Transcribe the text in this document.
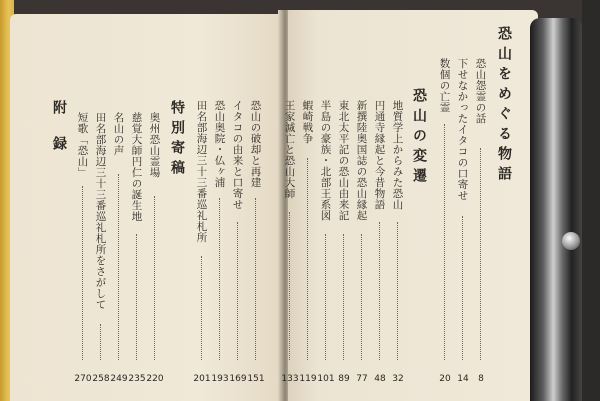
恐山をめぐる物語
恐山怨霊の話
8
下せなかったイタコの口寄せ
14
数個の亡霊
20
恐山の変遷
地質学上からみた恐山
32
円通寺縁起と今昔物語
48
新撰陸奥国誌の恐山縁起
77
東北太平記の恐山由来記
89
半島の豪族・北部王系図
101
蝦崎戦争
119
王家滅亡と恐山大師
133
恐山の破却と再建
151
イタコの由来と口寄せ
169
恐山奥院・仏ヶ浦
193
田名部海辺三十三番巡礼札所
201
特別寄稿
奥州恐山霊場
220
慈覚大師円仁の誕生地
235
名山の声
249
田名部海辺三十三番巡礼札所をさがして
258
短歌「恐山」
270
附録
